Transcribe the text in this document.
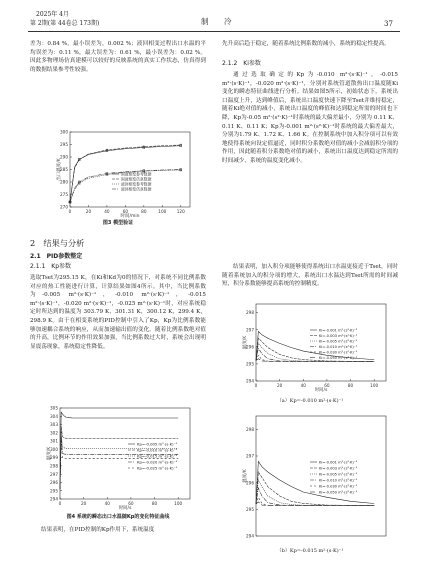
2025年 4月
第 2期(第 44卷总 173期)	制　冷	37
差为：0.84 %，最小误差为，0.002 %；液回相变过程出口水温的平均误差为：0.11 %，最大误差为：0.61 %，最小误差为：0.02 %。因此多物理场仿真建模可以较好的反映系统的真实工作状态，仿真得到的数据结果参考性较强。
300
295
290
285
280
275
270
0	20	40	60	80	100 120
出口温度/K
时间/min
固液相变参考数据
固液相变仿真数据
液回相变参考数据
液回相变仿真数据
图3 模型验证
2　结果与分析
2.1　PID参数整定
2.1.1　Kp参数
选取Tset为295.15 K，在Ki和Kd为0的情况下，对系统不同比例系数对应的热工性能进行计算，计算结果如图4所示。其中，当比例系数为-0.005 m²·(s·K)⁻¹，-0.010 m²·(s·K)⁻¹，-0.015 m²·(s·K)⁻¹，-0.020 m²·(s·K)⁻¹，-0.025 m²·(s·K)⁻¹时，对应系统稳定时所达到的温度为 303.79 K，301.31 K，300.12 K，299.4 K，298.9 K。由于在相变系统的PID控制中引入了Kp，Kp为比例系数能够加速耦合系统的响应，从而加速输出值的变化。随着比例系数绝对值的升高，比例环节的作用效果加强，当比例系数过大时，系统会出现明显震荡现象，系统稳定性降低。
305
304
303
302
301
300
299
298
297
296
295
294
0	20	40	60	80	100
温度/K
时间/s
Kp=-0.005 m²·(s·K)⁻¹
Kp=-0.010 m²·(s·K)⁻¹
Kp=-0.015 m²·(s·K)⁻¹
Kp=-0.020 m²·(s·K)⁻¹
Kp=-0.025 m²·(s·K)⁻¹
图4 系统的瞬态出口水温随Kp的变化特征曲线
结果表明，在PID控制的Kp作用下，系统温度
先升高后趋于稳定，随着系统比例系数的减小，系统的稳定性提高。
2.1.2　Ki参数
通过选取确定的Kp为-0.010 m²·(s·K)⁻¹，-0.015 m²·(s·K)⁻¹，-0.020 m²·(s·K)⁻¹，分别对系统管道散热出口温度随Ki变化的瞬态特征曲线进行分析。结果如图5所示，初始状态下，系统出口温度上升，达到峰值后，系统出口温度快速下降至Tset并维持稳定，随着Ki绝对值的减小，系统出口温度的峰值和达到稳定所需的时间也下降，Kp为-0.05 m²·(s²·K)⁻¹时系统的最大偏差最小，分别为 0.11 K、0.11 K、0.11 K；Kp为-0.001 m²·(s²·K)⁻¹时系统的最大偏差最大，分别为1.79 K、1.72 K、1.66 K。在控制系统中加入积分项可以有效地使得系统向设定值逼近，同时积分系数绝对值的减小会减弱积分项的作用，因此随着积分系数绝对值的减小，系统出口温度达到稳定所需的时间减少，系统的温度变化减小。
结果表明，加入积分项能够使得系统出口水温更接近于Tset，同时随着系统加入的积分项的增大，系统出口水温达到Tset所需的时间减短，积分系数能够提高系统的控制精度。
298
297
296
295
294
0	20	40	60	80	100
温度/K
时间/s
Ki=-0.001 m²·(s²·K)⁻¹
Ki=-0.003 m²·(s²·K)⁻¹
Ki=-0.005 m²·(s²·K)⁻¹
Ki=-0.010 m²·(s²·K)⁻¹
Ki=-0.030 m²·(s²·K)⁻¹
Ki=-0.050 m²·(s²·K)⁻¹
（a）Kp=-0.010 m²·(s·K)⁻¹
298
297
296
295
294
温度/K
Ki=-0.001 m²·(s²·K)⁻¹
Ki=-0.003 m²·(s²·K)⁻¹
Ki=-0.005 m²·(s²·K)⁻¹
Ki=-0.010 m²·(s²·K)⁻¹
Ki=-0.030 m²·(s²·K)⁻¹
Ki=-0.050 m²·(s²·K)⁻¹
（b）Kp=-0.015 m²·(s·K)⁻¹
